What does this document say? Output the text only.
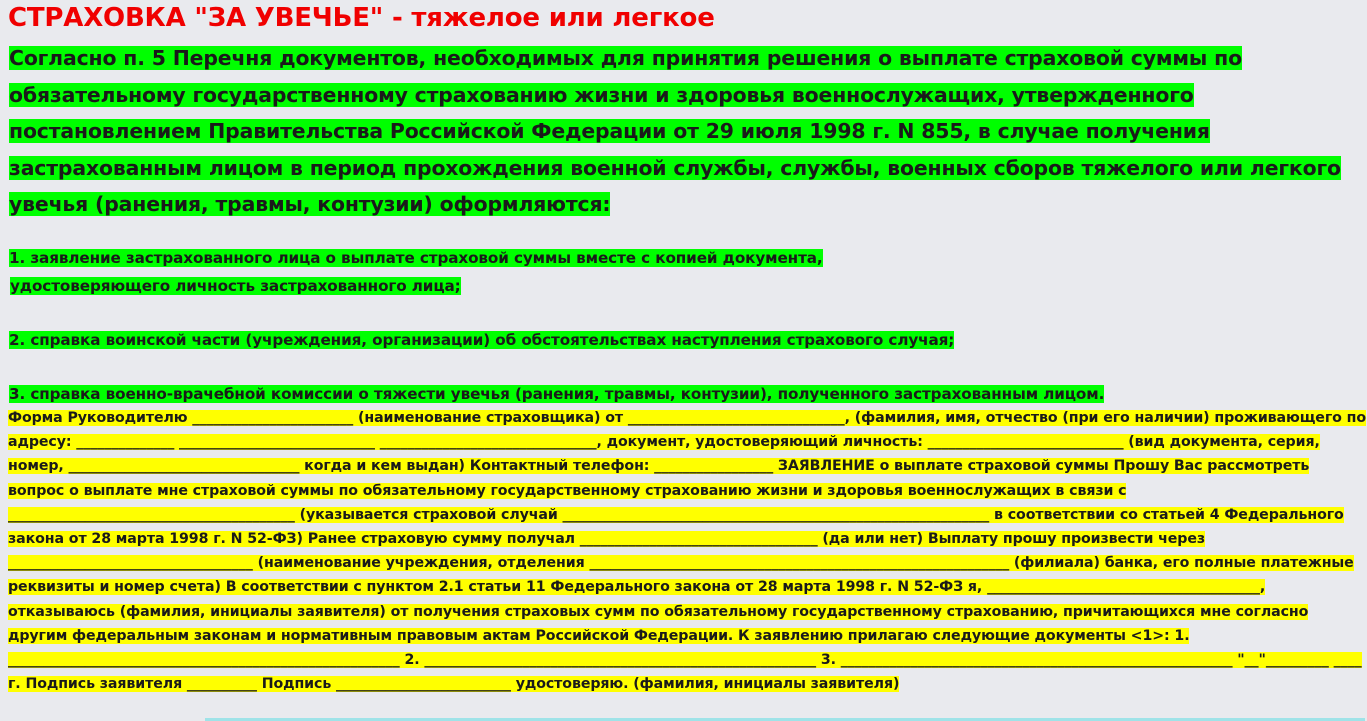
СТРАХОВКА "ЗА УВЕЧЬЕ" - тяжелое или легкое

Согласно п. 5 Перечня документов, необходимых для принятия решения о выплате страховой суммы по обязательному государственному страхованию жизни и здоровья военнослужащих, утвержденного постановлением Правительства Российской Федерации от 29 июля 1998 г. N 855, в случае получения застрахованным лицом в период прохождения военной службы, службы, военных сборов тяжелого или легкого увечья (ранения, травмы, контузии) оформляются:

1. заявление застрахованного лица о выплате страховой суммы вместе с копией документа,

удостоверяющего личность застрахованного лица;

2. справка воинской части (учреждения, организации) об обстоятельствах наступления страхового случая;

3. справка военно-врачебной комиссии о тяжести увечья (ранения, травмы, контузии), полученного застрахованным лицом.

Форма Руководителю _______________________ (наименование страховщика) от _______________________________, (фамилия, имя, отчество (при его наличии) проживающего по адресу: ______________ ____________________________ _______________________________, документ, удостоверяющий личность: ____________________________ (вид документа, серия, номер, _________________________________ когда и кем выдан) Контактный телефон: _________________ ЗАЯВЛЕНИЕ о выплате страховой суммы Прошу Вас рассмотреть вопрос о выплате мне страховой суммы по обязательному государственному страхованию жизни и здоровья военнослужащих в связи с _________________________________________ (указывается страховой случай _____________________________________________________________ в соответствии со статьей 4 Федерального закона от 28 марта 1998 г. N 52-ФЗ) Ранее страховую сумму получал __________________________________ (да или нет) Выплату прошу произвести через ___________________________________ (наименование учреждения, отделения ____________________________________________________________ (филиала) банка, его полные платежные реквизиты и номер счета) В соответствии с пунктом 2.1 статьи 11 Федерального закона от 28 марта 1998 г. N 52-ФЗ я, _______________________________________, отказываюсь (фамилия, инициалы заявителя) от получения страховых сумм по обязательному государственному страхованию, причитающихся мне согласно другим федеральным законам и нормативным правовым актам Российской Федерации. К заявлению прилагаю следующие документы <1>: 1. ________________________________________________________ 2. ________________________________________________________ 3. ________________________________________________________ "__"_________ ____ г. Подпись заявителя __________ Подпись _________________________ удостоверяю. (фамилия, инициалы заявителя)
